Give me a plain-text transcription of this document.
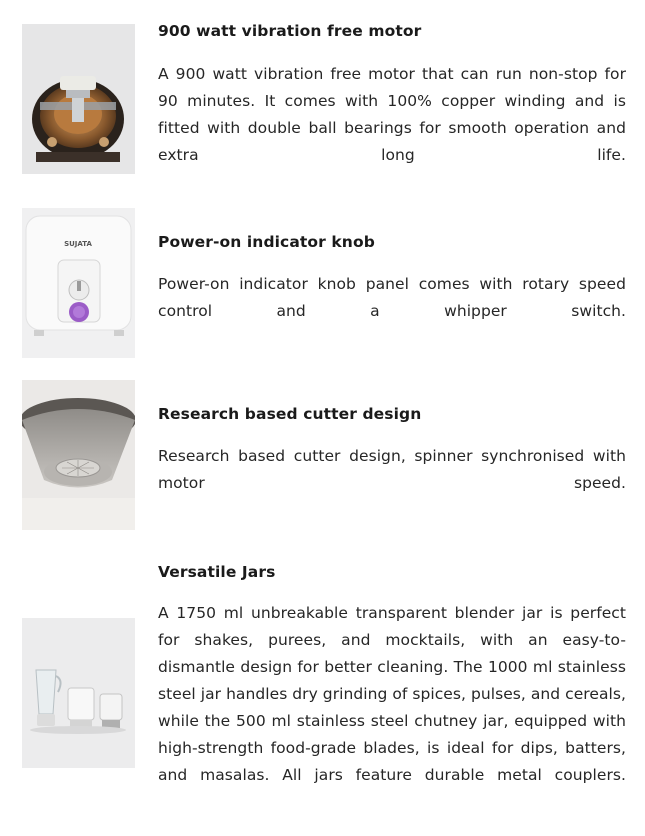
900 watt vibration free motor

A 900 watt vibration free motor that can run non-stop for 90 minutes. It comes with 100% copper winding and is fitted with double ball bearings for smooth operation and extra long life.

SUJATA	Power-on indicator knob

Power-on indicator knob panel comes with rotary speed control and a whipper switch.

Research based cutter design

Research based cutter design, spinner synchronised with motor speed.

Versatile Jars

A 1750 ml unbreakable transparent blender jar is perfect for shakes, purees, and mocktails, with an easy-to-dismantle design for better cleaning. The 1000 ml stainless steel jar handles dry grinding of spices, pulses, and cereals, while the 500 ml stainless steel chutney jar, equipped with high-strength food-grade blades, is ideal for dips, batters, and masalas. All jars feature durable metal couplers.
